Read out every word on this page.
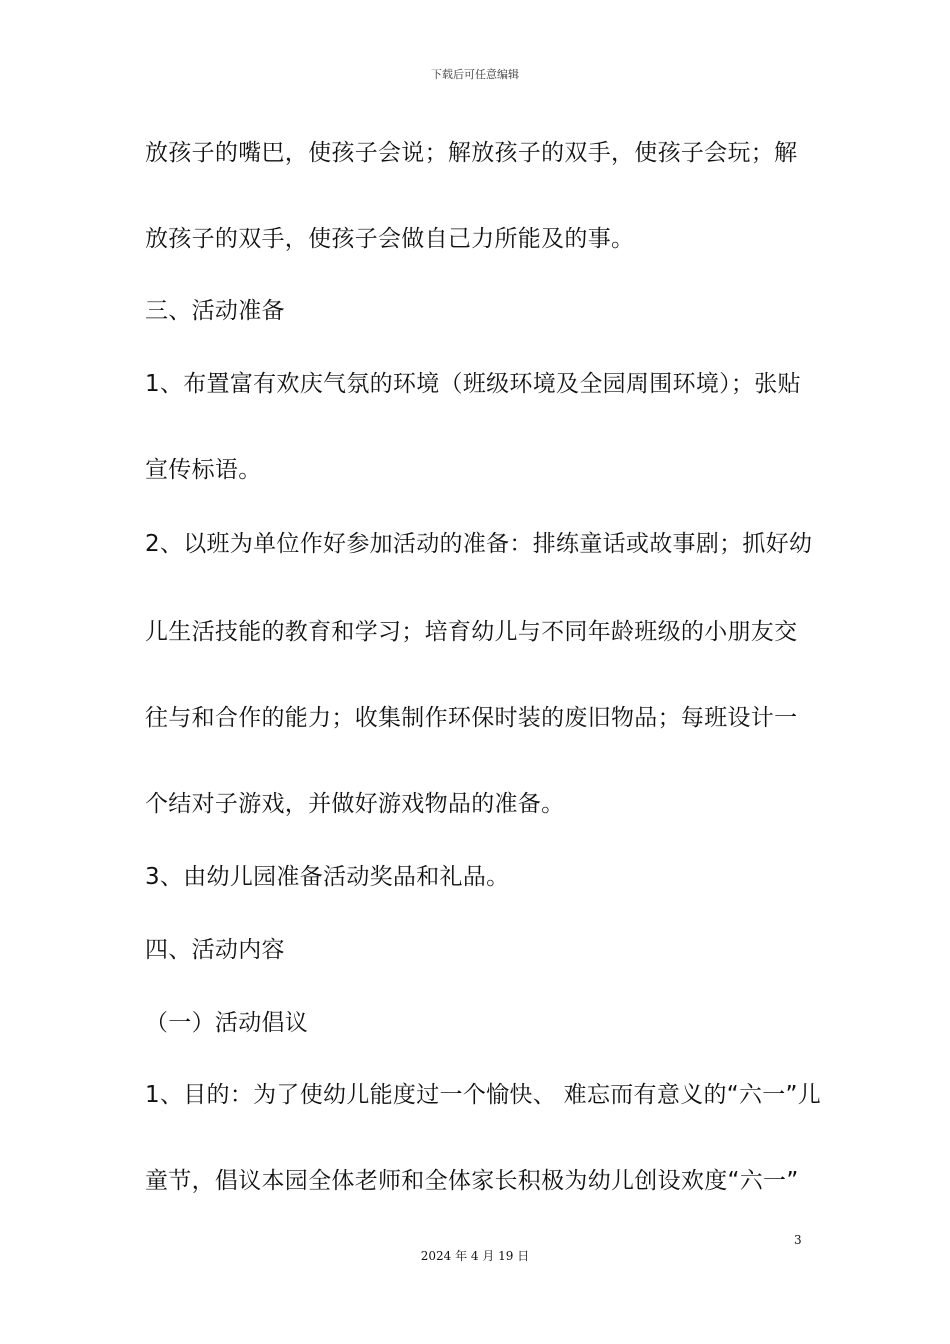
下载后可任意编辑
放孩子的嘴巴，使孩子会说；解放孩子的双手，使孩子会玩；解
放孩子的双手，使孩子会做自己力所能及的事。
三、活动准备
1、布置富有欢庆气氛的环境（班级环境及全园周围环境）；张贴
宣传标语。
2、以班为单位作好参加活动的准备：排练童话或故事剧；抓好幼
儿生活技能的教育和学习；培育幼儿与不同年龄班级的小朋友交
往与和合作的能力；收集制作环保时装的废旧物品；每班设计一
个结对子游戏，并做好游戏物品的准备。
3、由幼儿园准备活动奖品和礼品。
四、活动内容
（一）活动倡议
1、目的：为了使幼儿能度过一个愉快、 难忘而有意义的“六一”儿
童节，倡议本园全体老师和全体家长积极为幼儿创设欢度“六一”
3
2024 年 4 月 19 日
